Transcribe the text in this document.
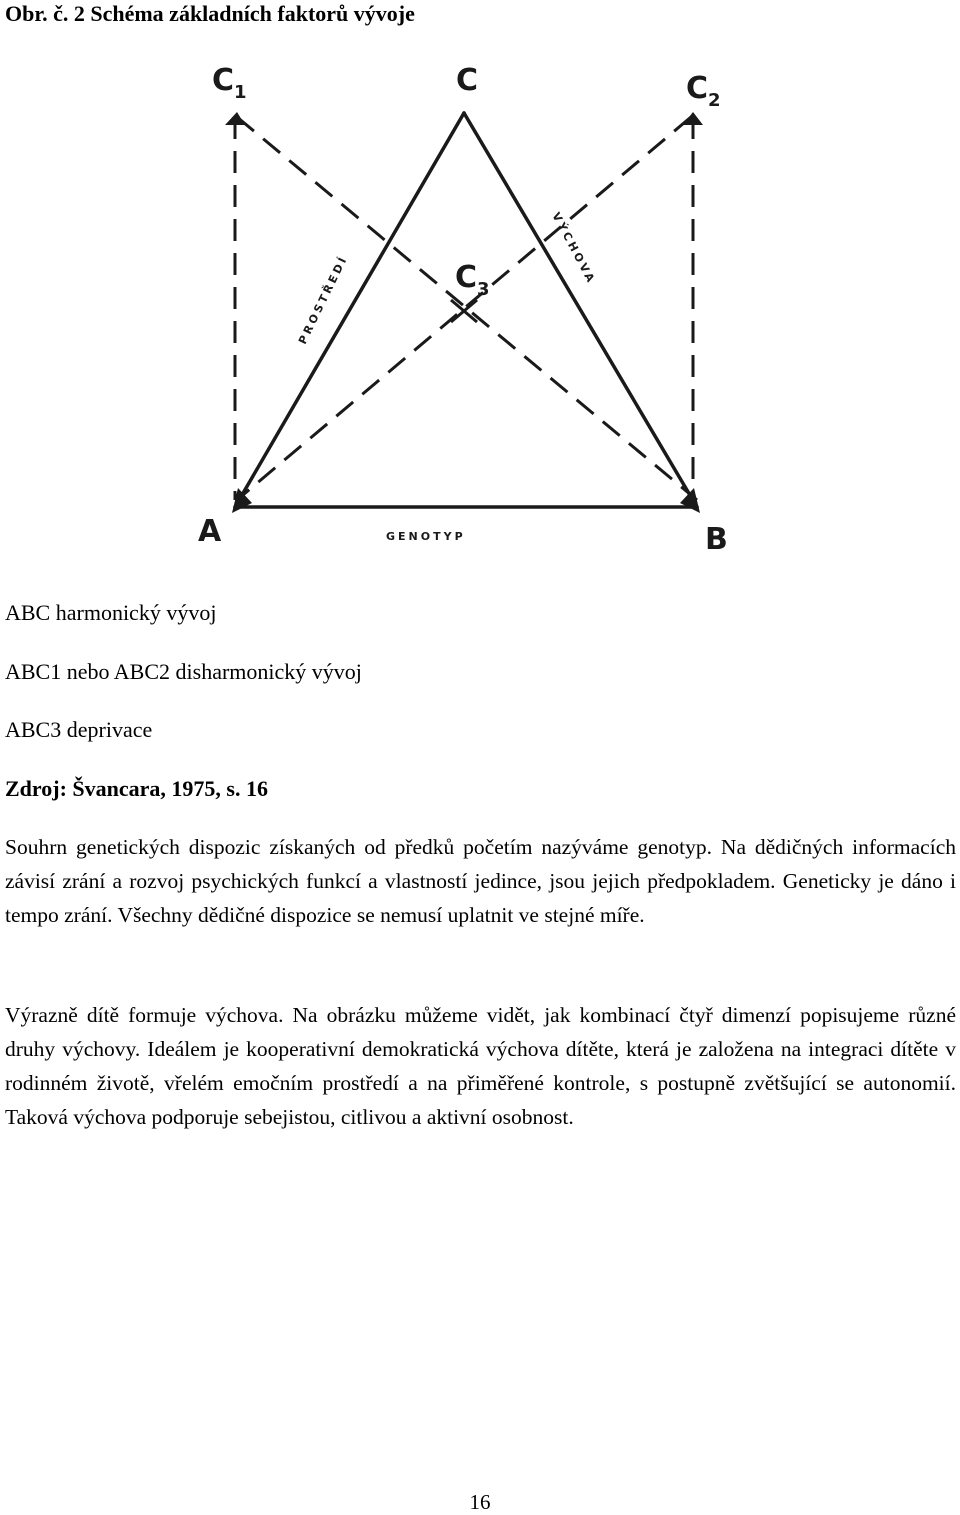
Obr. č. 2 Schéma základních faktorů vývoje
$C_1$	C	$C_2$
$C_3$
A	B
PROSTŘEDÍ
VÝCHOVA
GENOTYP
ABC harmonický vývoj
ABC1 nebo ABC2 disharmonický vývoj
ABC3 deprivace
Zdroj: Švancara, 1975, s. 16

Souhrn genetických dispozic získaných od předků početím nazýváme genotyp. Na dědičných informacích závisí zrání a rozvoj psychických funkcí a vlastností jedince, jsou jejich předpokladem. Geneticky je dáno i tempo zrání. Všechny dědičné dispozice se nemusí uplatnit ve stejné míře.

Výrazně dítě formuje výchova. Na obrázku můžeme vidět, jak kombinací čtyř dimenzí popisujeme různé druhy výchovy. Ideálem je kooperativní demokratická výchova dítěte, která je založena na integraci dítěte v rodinném životě, vřelém emočním prostředí a na přiměřené kontrole, s postupně zvětšující se autonomií. Taková výchova podporuje sebejistou, citlivou a aktivní osobnost.

16
